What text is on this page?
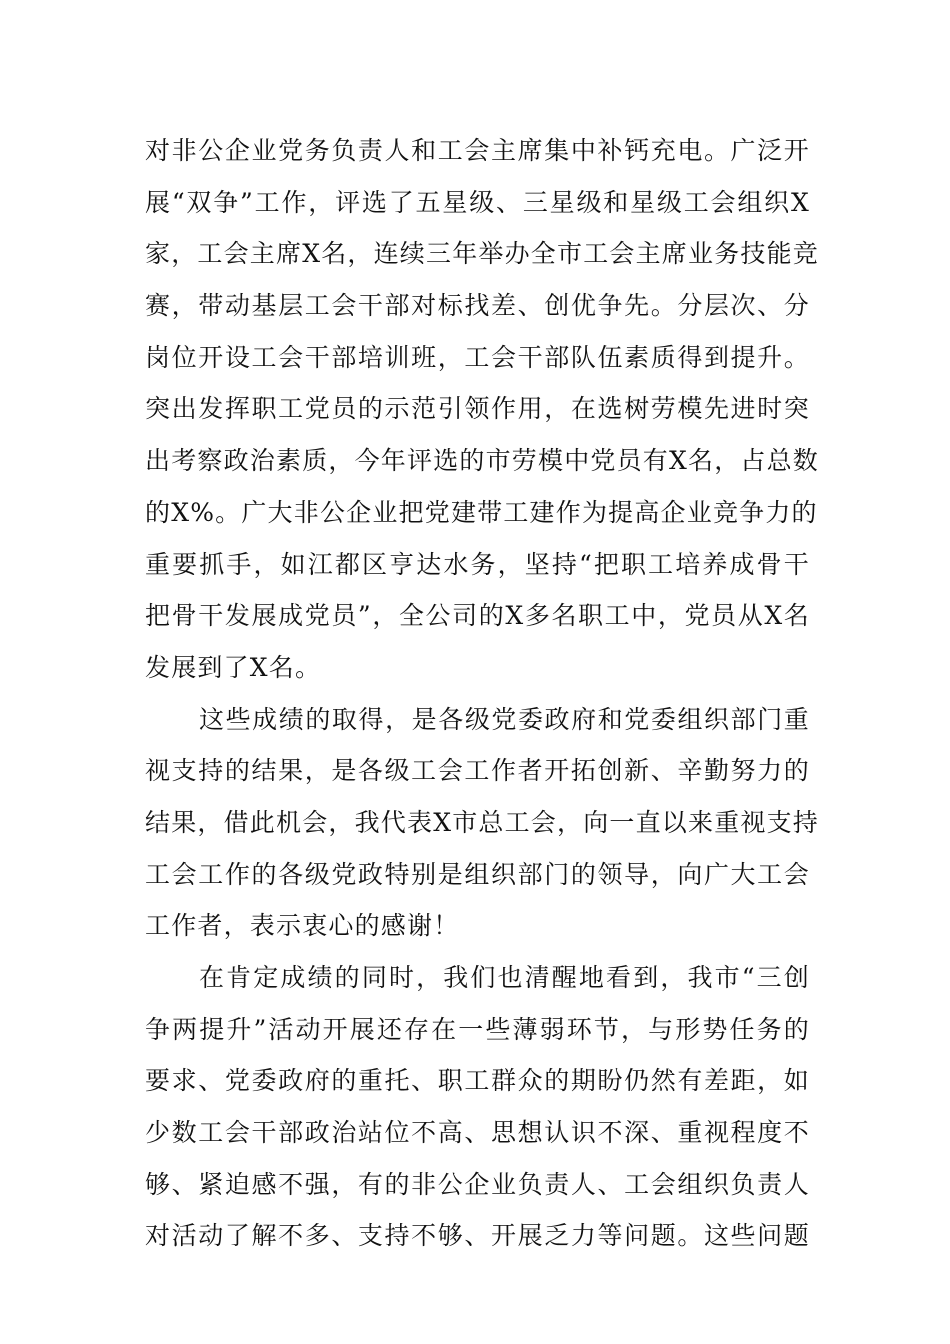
对非公企业党务负责人和工会主席集中补钙充电。广泛开
展“双争”工作，评选了五星级、三星级和星级工会组织X
家，工会主席X名，连续三年举办全市工会主席业务技能竞
赛，带动基层工会干部对标找差、创优争先。分层次、分
岗位开设工会干部培训班，工会干部队伍素质得到提升。
突出发挥职工党员的示范引领作用，在选树劳模先进时突
出考察政治素质，今年评选的市劳模中党员有X名，占总数
的X%。广大非公企业把党建带工建作为提高企业竞争力的
重要抓手，如江都区亨达水务，坚持“把职工培养成骨干
把骨干发展成党员”，全公司的X多名职工中，党员从X名
发展到了X名。
这些成绩的取得，是各级党委政府和党委组织部门重
视支持的结果，是各级工会工作者开拓创新、辛勤努力的
结果，借此机会，我代表X市总工会，向一直以来重视支持
工会工作的各级党政特别是组织部门的领导，向广大工会
工作者，表示衷心的感谢！
在肯定成绩的同时，我们也清醒地看到，我市“三创
争两提升”活动开展还存在一些薄弱环节，与形势任务的
要求、党委政府的重托、职工群众的期盼仍然有差距，如
少数工会干部政治站位不高、思想认识不深、重视程度不
够、紧迫感不强，有的非公企业负责人、工会组织负责人
对活动了解不多、支持不够、开展乏力等问题。这些问题
